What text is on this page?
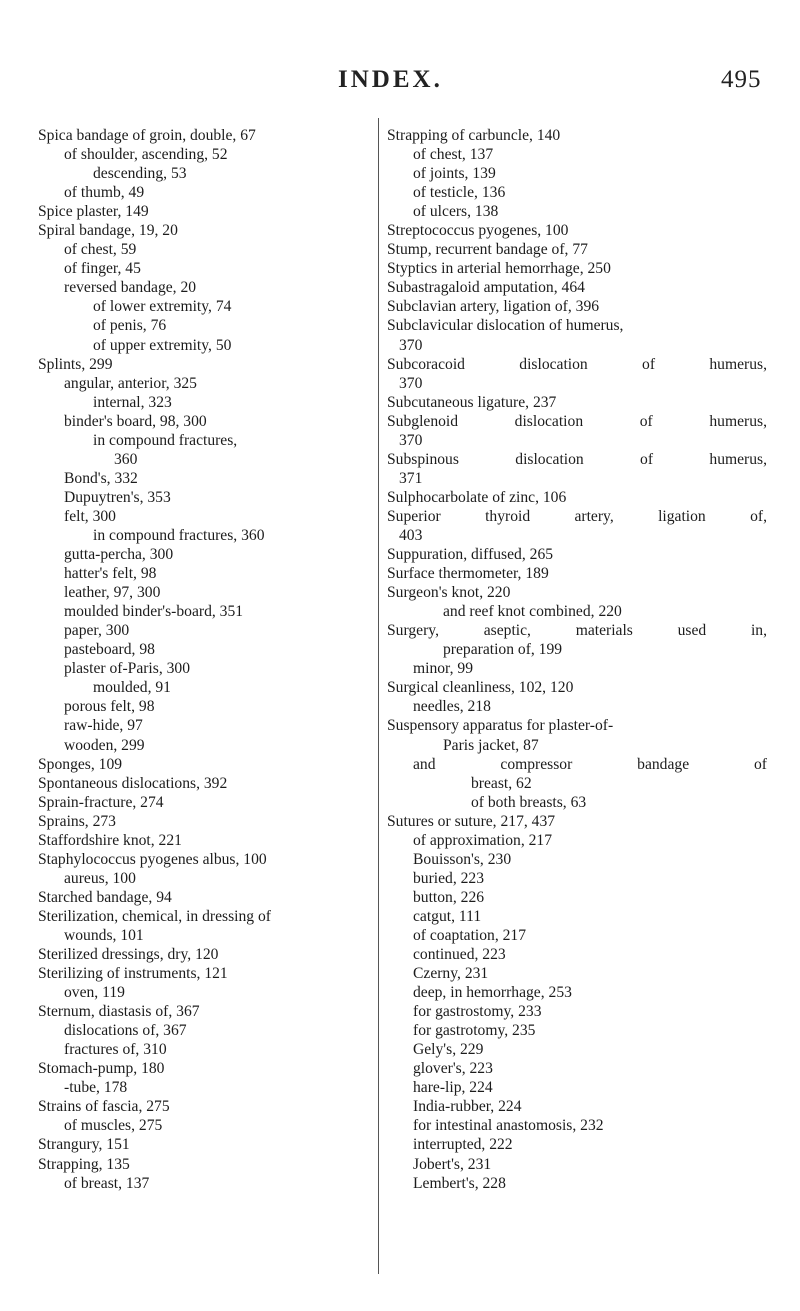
INDEX.	495
Spica bandage of groin, double, 67
of shoulder, ascending, 52
descending, 53
of thumb, 49
Spice plaster, 149
Spiral bandage, 19, 20
of chest, 59
of finger, 45
reversed bandage, 20
of lower extremity, 74
of penis, 76
of upper extremity, 50
Splints, 299
angular, anterior, 325
internal, 323
binder's board, 98, 300
in compound fractures,
360
Bond's, 332
Dupuytren's, 353
felt, 300
in compound fractures, 360
gutta-percha, 300
hatter's felt, 98
leather, 97, 300
moulded binder's-board, 351
paper, 300
pasteboard, 98
plaster of-Paris, 300
moulded, 91
porous felt, 98
raw-hide, 97
wooden, 299
Sponges, 109
Spontaneous dislocations, 392
Sprain-fracture, 274
Sprains, 273
Staffordshire knot, 221
Staphylococcus pyogenes albus, 100
aureus, 100
Starched bandage, 94
Sterilization, chemical, in dressing of
wounds, 101
Sterilized dressings, dry, 120
Sterilizing of instruments, 121
oven, 119
Sternum, diastasis of, 367
dislocations of, 367
fractures of, 310
Stomach-pump, 180
-tube, 178
Strains of fascia, 275
of muscles, 275
Strangury, 151
Strapping, 135
of breast, 137
Strapping of carbuncle, 140
of chest, 137
of joints, 139
of testicle, 136
of ulcers, 138
Streptococcus pyogenes, 100
Stump, recurrent bandage of, 77
Styptics in arterial hemorrhage, 250
Subastragaloid amputation, 464
Subclavian artery, ligation of, 396
Subclavicular dislocation of humerus,
370
Subcoracoid dislocation of humerus,
370
Subcutaneous ligature, 237
Subglenoid dislocation of humerus,
370
Subspinous dislocation of humerus,
371
Sulphocarbolate of zinc, 106
Superior thyroid artery, ligation of,
403
Suppuration, diffused, 265
Surface thermometer, 189
Surgeon's knot, 220
and reef knot combined, 220
Surgery, aseptic, materials used in,
preparation of, 199
minor, 99
Surgical cleanliness, 102, 120
needles, 218
Suspensory apparatus for plaster-of-
Paris jacket, 87
and compressor bandage of
breast, 62
of both breasts, 63
Sutures or suture, 217, 437
of approximation, 217
Bouisson's, 230
buried, 223
button, 226
catgut, 111
of coaptation, 217
continued, 223
Czerny, 231
deep, in hemorrhage, 253
for gastrostomy, 233
for gastrotomy, 235
Gely's, 229
glover's, 223
hare-lip, 224
India-rubber, 224
for intestinal anastomosis, 232
interrupted, 222
Jobert's, 231
Lembert's, 228
